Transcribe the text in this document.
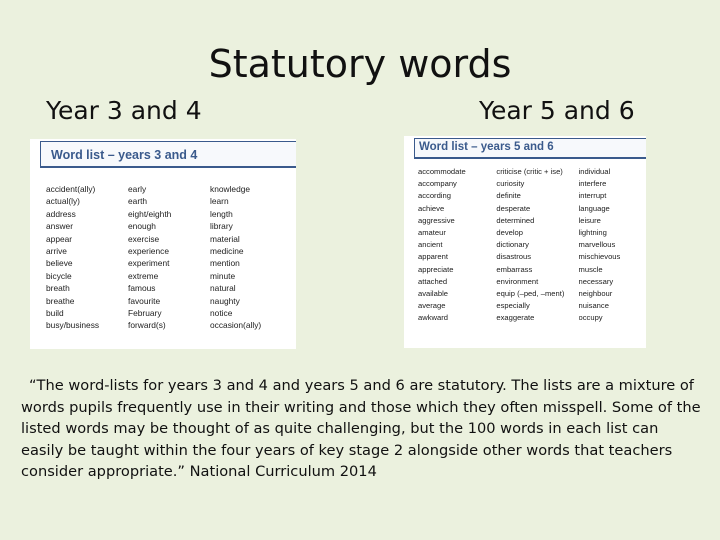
Statutory words
Year 3 and 4	Year 5 and 6
Word list – years 3 and 4
accident(ally)	early	knowledge
actual(ly)	earth	learn
address	eight/eighth	length
answer	enough	library
appear	exercise	material
arrive	experience	medicine
believe	experiment	mention
bicycle	extreme	minute
breath	famous	natural
breathe	favourite	naughty
build	February	notice
busy/business	forward(s)	occasion(ally)
Word list – years 5 and 6
accommodate	criticise (critic + ise)	individual
accompany	curiosity	interfere
according	definite	interrupt
achieve	desperate	language
aggressive	determined	leisure
amateur	develop	lightning
ancient	dictionary	marvellous
apparent	disastrous	mischievous
appreciate	embarrass	muscle
attached	environment	necessary
available	equip (–ped, –ment)	neighbour
average	especially	nuisance
awkward	exaggerate	occupy
“The word-lists for years 3 and 4 and years 5 and 6 are statutory. The lists are a mixture of words pupils frequently use in their writing and those which they often misspell. Some of the listed words may be thought of as quite challenging, but the 100 words in each list can easily be taught within the four years of key stage 2 alongside other words that teachers consider appropriate.” National Curriculum 2014
